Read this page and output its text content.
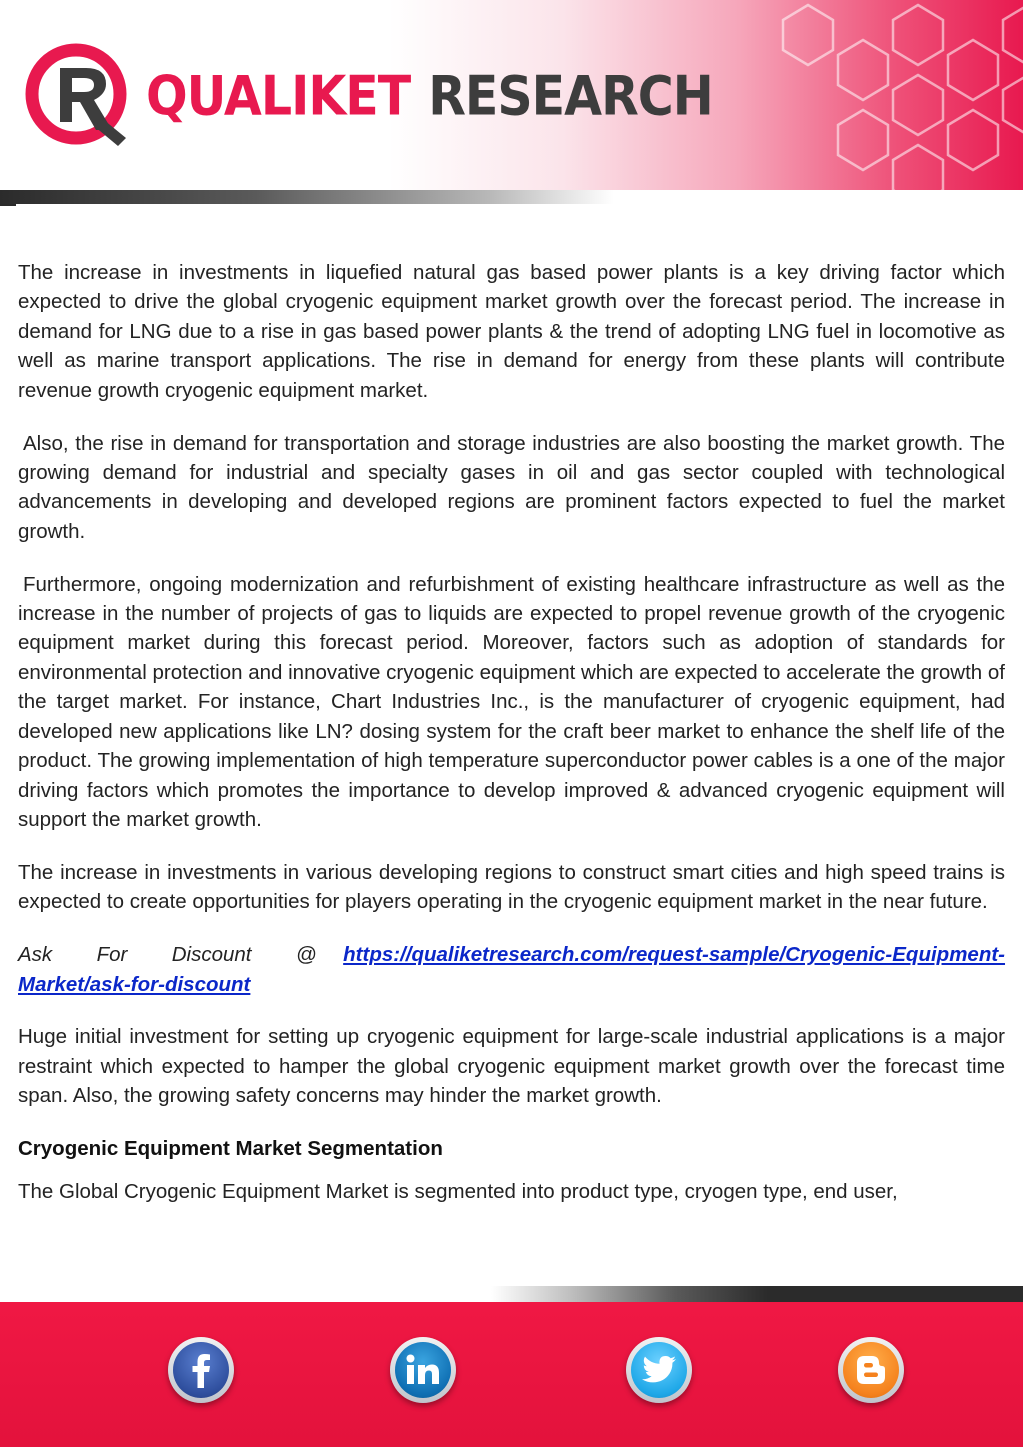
QUALIKET RESEARCH

The increase in investments in liquefied natural gas based power plants is a key driving factor which expected to drive the global cryogenic equipment market growth over the forecast period. The increase in demand for LNG due to a rise in gas based power plants & the trend of adopting LNG fuel in locomotive as well as marine transport applications. The rise in demand for energy from these plants will contribute revenue growth cryogenic equipment market.

Also, the rise in demand for transportation and storage industries are also boosting the market growth. The growing demand for industrial and specialty gases in oil and gas sector coupled with technological advancements in developing and developed regions are prominent factors expected to fuel the market growth.

Furthermore, ongoing modernization and refurbishment of existing healthcare infrastructure as well as the increase in the number of projects of gas to liquids are expected to propel revenue growth of the cryogenic equipment market during this forecast period. Moreover, factors such as adoption of standards for environmental protection and innovative cryogenic equipment which are expected to accelerate the growth of the target market. For instance, Chart Industries Inc., is the manufacturer of cryogenic equipment, had developed new applications like LN? dosing system for the craft beer market to enhance the shelf life of the product. The growing implementation of high temperature superconductor power cables is a one of the major driving factors which promotes the importance to develop improved & advanced cryogenic equipment will support the market growth.

The increase in investments in various developing regions to construct smart cities and high speed trains is expected to create opportunities for players operating in the cryogenic equipment market in the near future.

Ask For Discount @ https://qualiketresearch.com/request-sample/Cryogenic-Equipment-Market/ask-for-discount

Huge initial investment for setting up cryogenic equipment for large-scale industrial applications is a major restraint which expected to hamper the global cryogenic equipment market growth over the forecast time span. Also, the growing safety concerns may hinder the market growth.

Cryogenic Equipment Market Segmentation

The Global Cryogenic Equipment Market is segmented into product type, cryogen type, end user,
